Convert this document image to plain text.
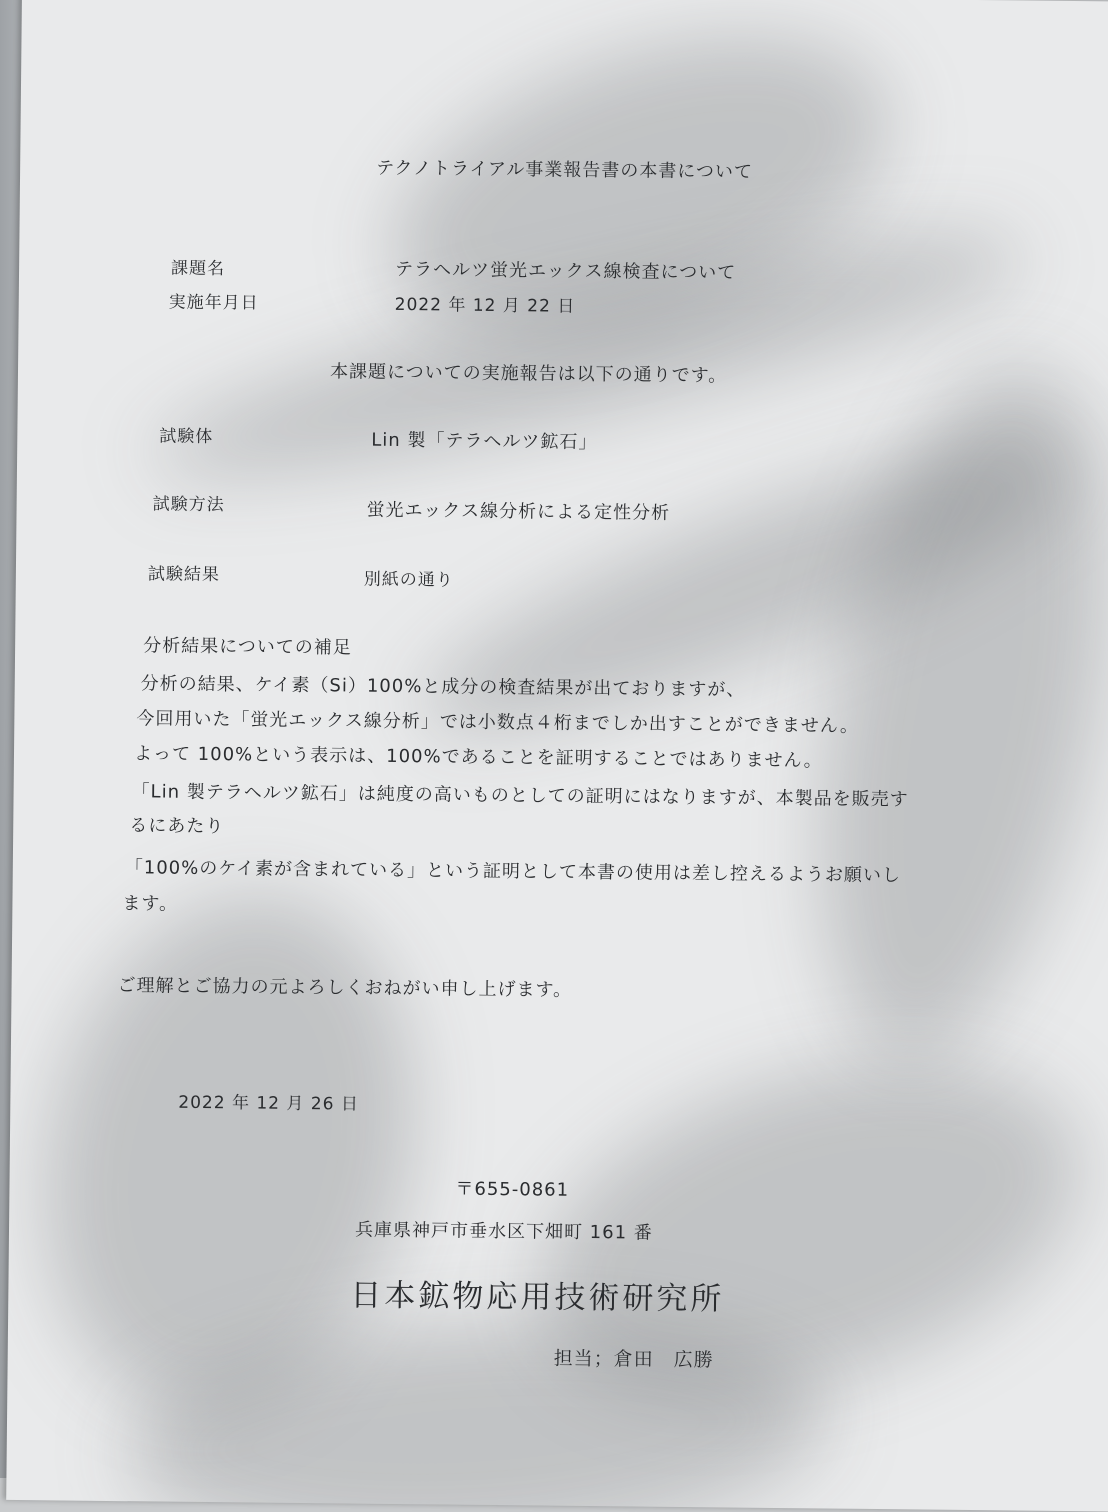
テクノトライアル事業報告書の本書について
課題名	テラヘルツ蛍光エックス線検査について
実施年月日	2022 年 12 月 22 日
本課題についての実施報告は以下の通りです。
試験体	Lin 製「テラヘルツ鉱石」
試験方法	蛍光エックス線分析による定性分析
試験結果	別紙の通り
分析結果についての補足
分析の結果、ケイ素（Si）100%と成分の検査結果が出ておりますが、
今回用いた「蛍光エックス線分析」では小数点４桁までしか出すことができません。
よって 100%という表示は、100%であることを証明することではありません。
「Lin 製テラヘルツ鉱石」は純度の高いものとしての証明にはなりますが、本製品を販売す
るにあたり
「100%のケイ素が含まれている」という証明として本書の使用は差し控えるようお願いし
ます。
ご理解とご協力の元よろしくおねがい申し上げます。
2022 年 12 月 26 日
〒655-0861
兵庫県神戸市垂水区下畑町 161 番
日本鉱物応用技術研究所
担当；倉田　広勝
